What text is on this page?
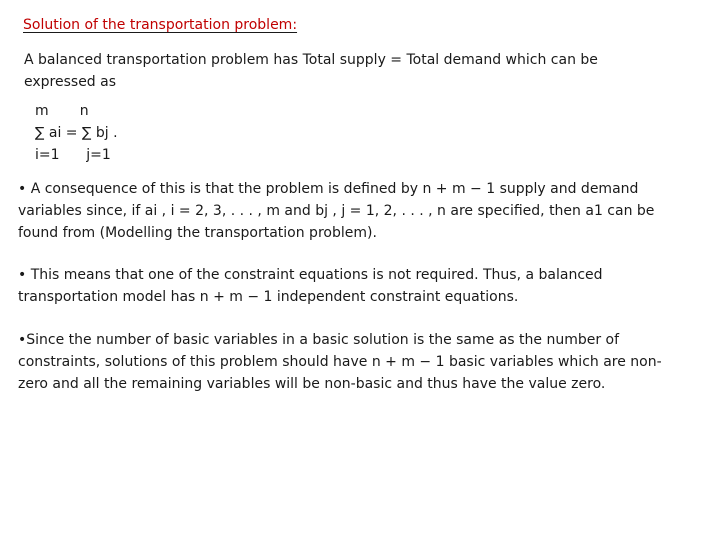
Solution of the transportation problem:
A balanced transportation problem has Total supply = Total demand which can be expressed as
m       n
∑ ai = ∑ bj .
i=1      j=1
• A consequence of this is that the problem is defined by n + m − 1 supply and demand variables since, if ai , i = 2, 3, . . . , m and bj , j = 1, 2, . . . , n are specified, then a1 can be found from (Modelling the transportation problem).
• This means that one of the constraint equations is not required. Thus, a balanced transportation model has n + m − 1 independent constraint equations.
•Since the number of basic variables in a basic solution is the same as the number of constraints, solutions of this problem should have n + m − 1 basic variables which are non-zero and all the remaining variables will be non-basic and thus have the value zero.
